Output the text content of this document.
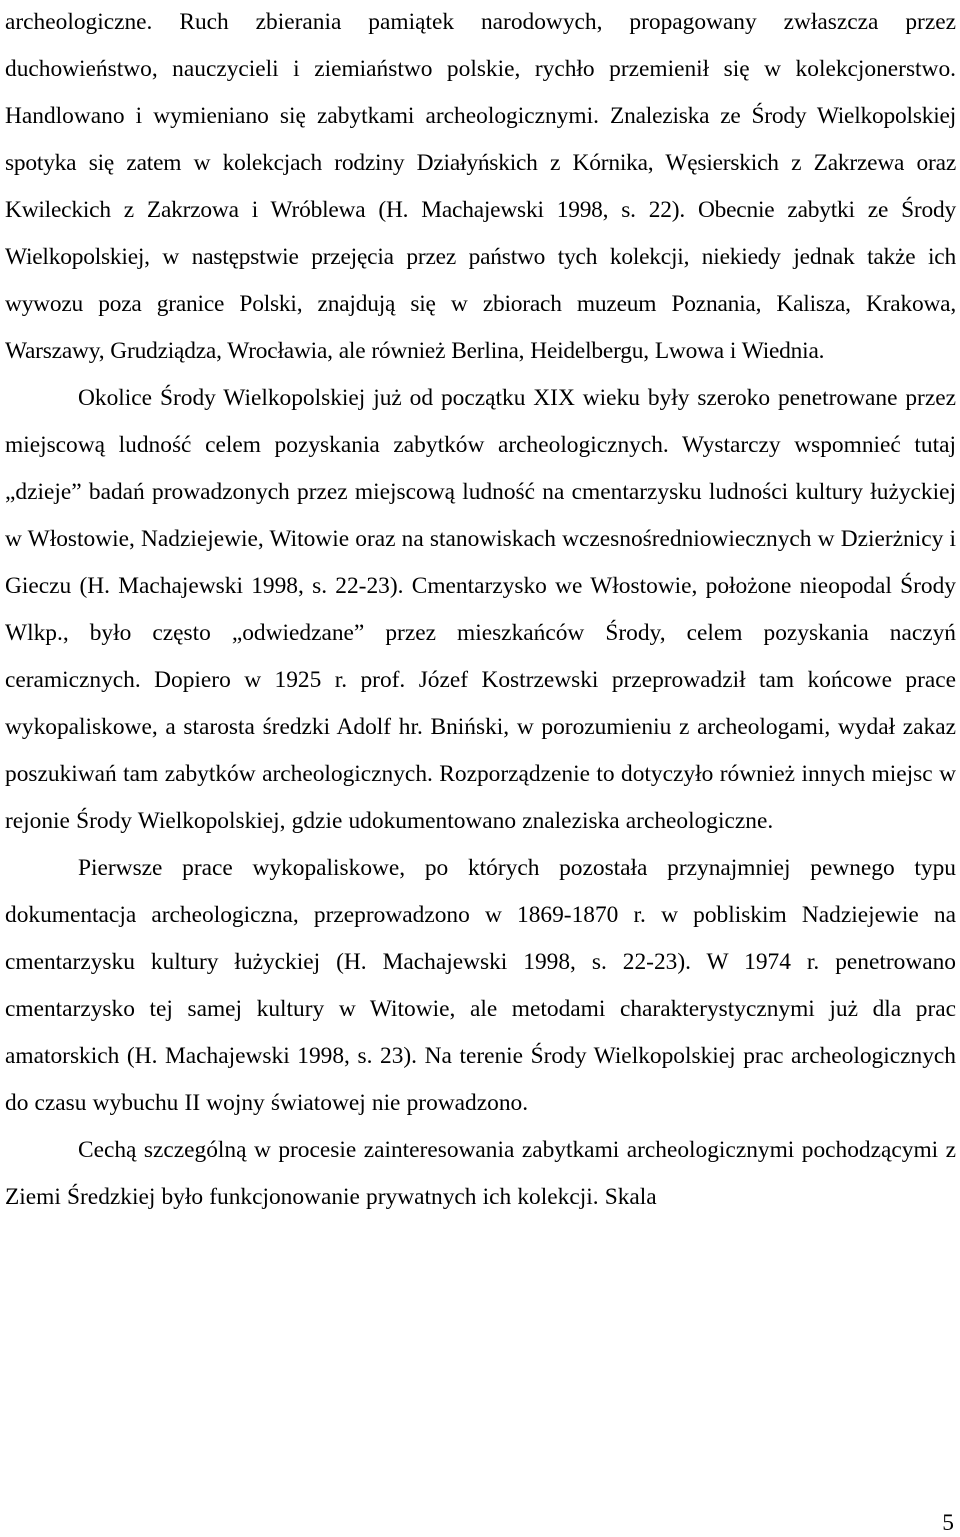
archeologiczne. Ruch zbierania pamiątek narodowych, propagowany zwłaszcza przez duchowieństwo, nauczycieli i ziemiaństwo polskie, rychło przemienił się w kolekcjonerstwo. Handlowano i wymieniano się zabytkami archeologicznymi. Znaleziska ze Środy Wielkopolskiej spotyka się zatem w kolekcjach rodziny Działyńskich z Kórnika, Węsierskich z Zakrzewa oraz Kwileckich z Zakrzowa i Wróblewa (H. Machajewski 1998, s. 22). Obecnie zabytki ze Środy Wielkopolskiej, w następstwie przejęcia przez państwo tych kolekcji, niekiedy jednak także ich wywozu poza granice Polski, znajdują się w zbiorach muzeum Poznania, Kalisza, Krakowa, Warszawy, Grudziądza, Wrocławia, ale również Berlina, Heidelbergu, Lwowa i Wiednia.

Okolice Środy Wielkopolskiej już od początku XIX wieku były szeroko penetrowane przez miejscową ludność celem pozyskania zabytków archeologicznych. Wystarczy wspomnieć tutaj „dzieje” badań prowadzonych przez miejscową ludność na cmentarzysku ludności kultury łużyckiej w Włostowie, Nadziejewie, Witowie oraz na stanowiskach wczesnośredniowiecznych w Dzierżnicy i Gieczu (H. Machajewski 1998, s. 22-23). Cmentarzysko we Włostowie, położone nieopodal Środy Wlkp., było często „odwiedzane” przez mieszkańców Środy, celem pozyskania naczyń ceramicznych. Dopiero w 1925 r. prof. Józef Kostrzewski przeprowadził tam końcowe prace wykopaliskowe, a starosta średzki Adolf hr. Bniński, w porozumieniu z archeologami, wydał zakaz poszukiwań tam zabytków archeologicznych. Rozporządzenie to dotyczyło również innych miejsc w rejonie Środy Wielkopolskiej, gdzie udokumentowano znaleziska archeologiczne.

Pierwsze prace wykopaliskowe, po których pozostała przynajmniej pewnego typu dokumentacja archeologiczna, przeprowadzono w 1869-1870 r. w pobliskim Nadziejewie na cmentarzysku kultury łużyckiej (H. Machajewski 1998, s. 22-23). W 1974 r. penetrowano cmentarzysko tej samej kultury w Witowie, ale metodami charakterystycznymi już dla prac amatorskich (H. Machajewski 1998, s. 23). Na terenie Środy Wielkopolskiej prac archeologicznych do czasu wybuchu II wojny światowej nie prowadzono.

Cechą szczególną w procesie zainteresowania zabytkami archeologicznymi pochodzącymi z Ziemi Średzkiej było funkcjonowanie prywatnych ich kolekcji. Skala

5
